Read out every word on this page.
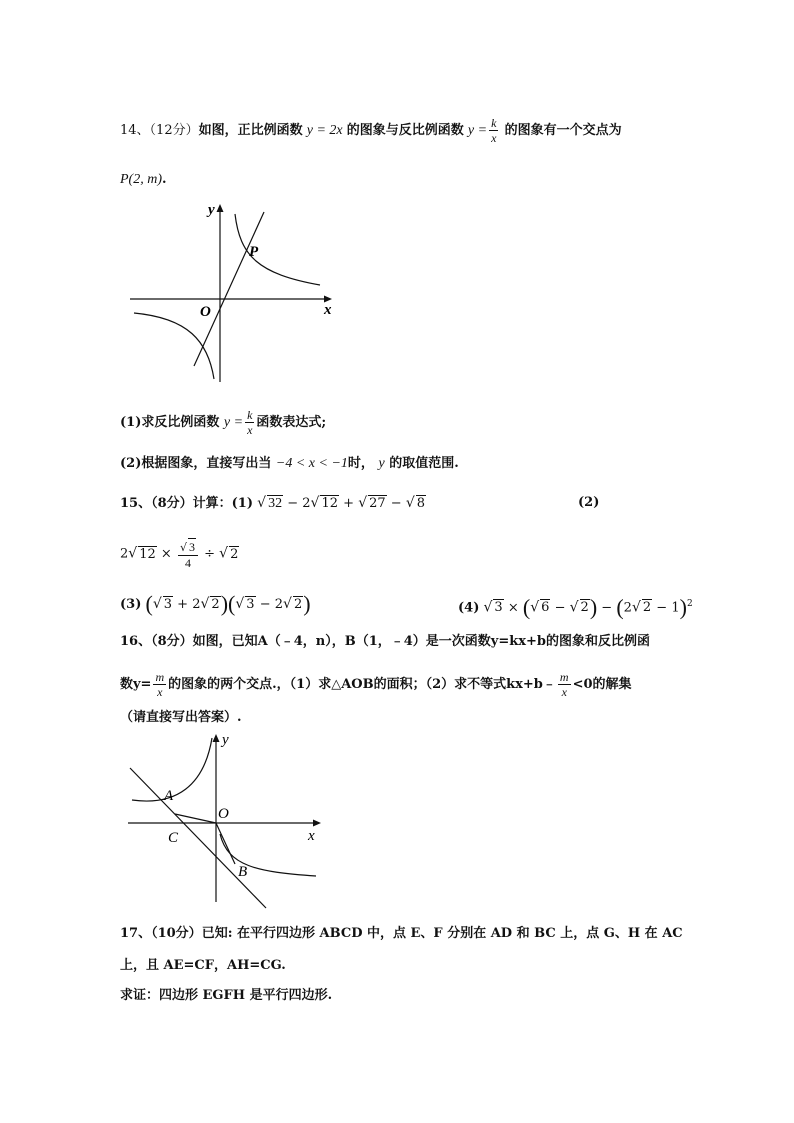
14、（12分）如图，正比例函数 y = 2x 的图象与反比例函数 $y = \frac{k}{x}$ 的图象有一个交点为
P(2, m).
y
x
O
P
(1)求反比例函数 $y = \frac{k}{x}$ 函数表达式;
(2)根据图象，直接写出当 −4 < x < −1时， y 的取值范围.
15、（8分）计算：(1) √ 32 − 2√ 12 + √ 27 − √ 8	(2)
2√ $12 \times \frac{√ 3}{4}$ ÷ √ 2
(3) (√ 3 + 2√ 2)(√ 3 − 2√ 2)	(4) √ 3 × (√ 6 − √ 2) − (2√ 2 − 1)$^2$
16、（8分）如图，已知A（﹣4，n），B（1，﹣4）是一次函数y=kx+b的图象和反比例函
数$y= \frac{m}{x}$ 的图象的两个交点.，（1）求△AOB的面积；（2）求不等式kx+b﹣ $\frac{m}{x} <0$的解集
（请直接写出答案）.
y
x
O
A
B
C
17、（10分）已知: 在平行四边形 ABCD 中，点 E、F 分别在 AD 和 BC 上，点 G、H 在 AC
上，且 AE=CF，AH=CG.
求证：四边形 EGFH 是平行四边形.
